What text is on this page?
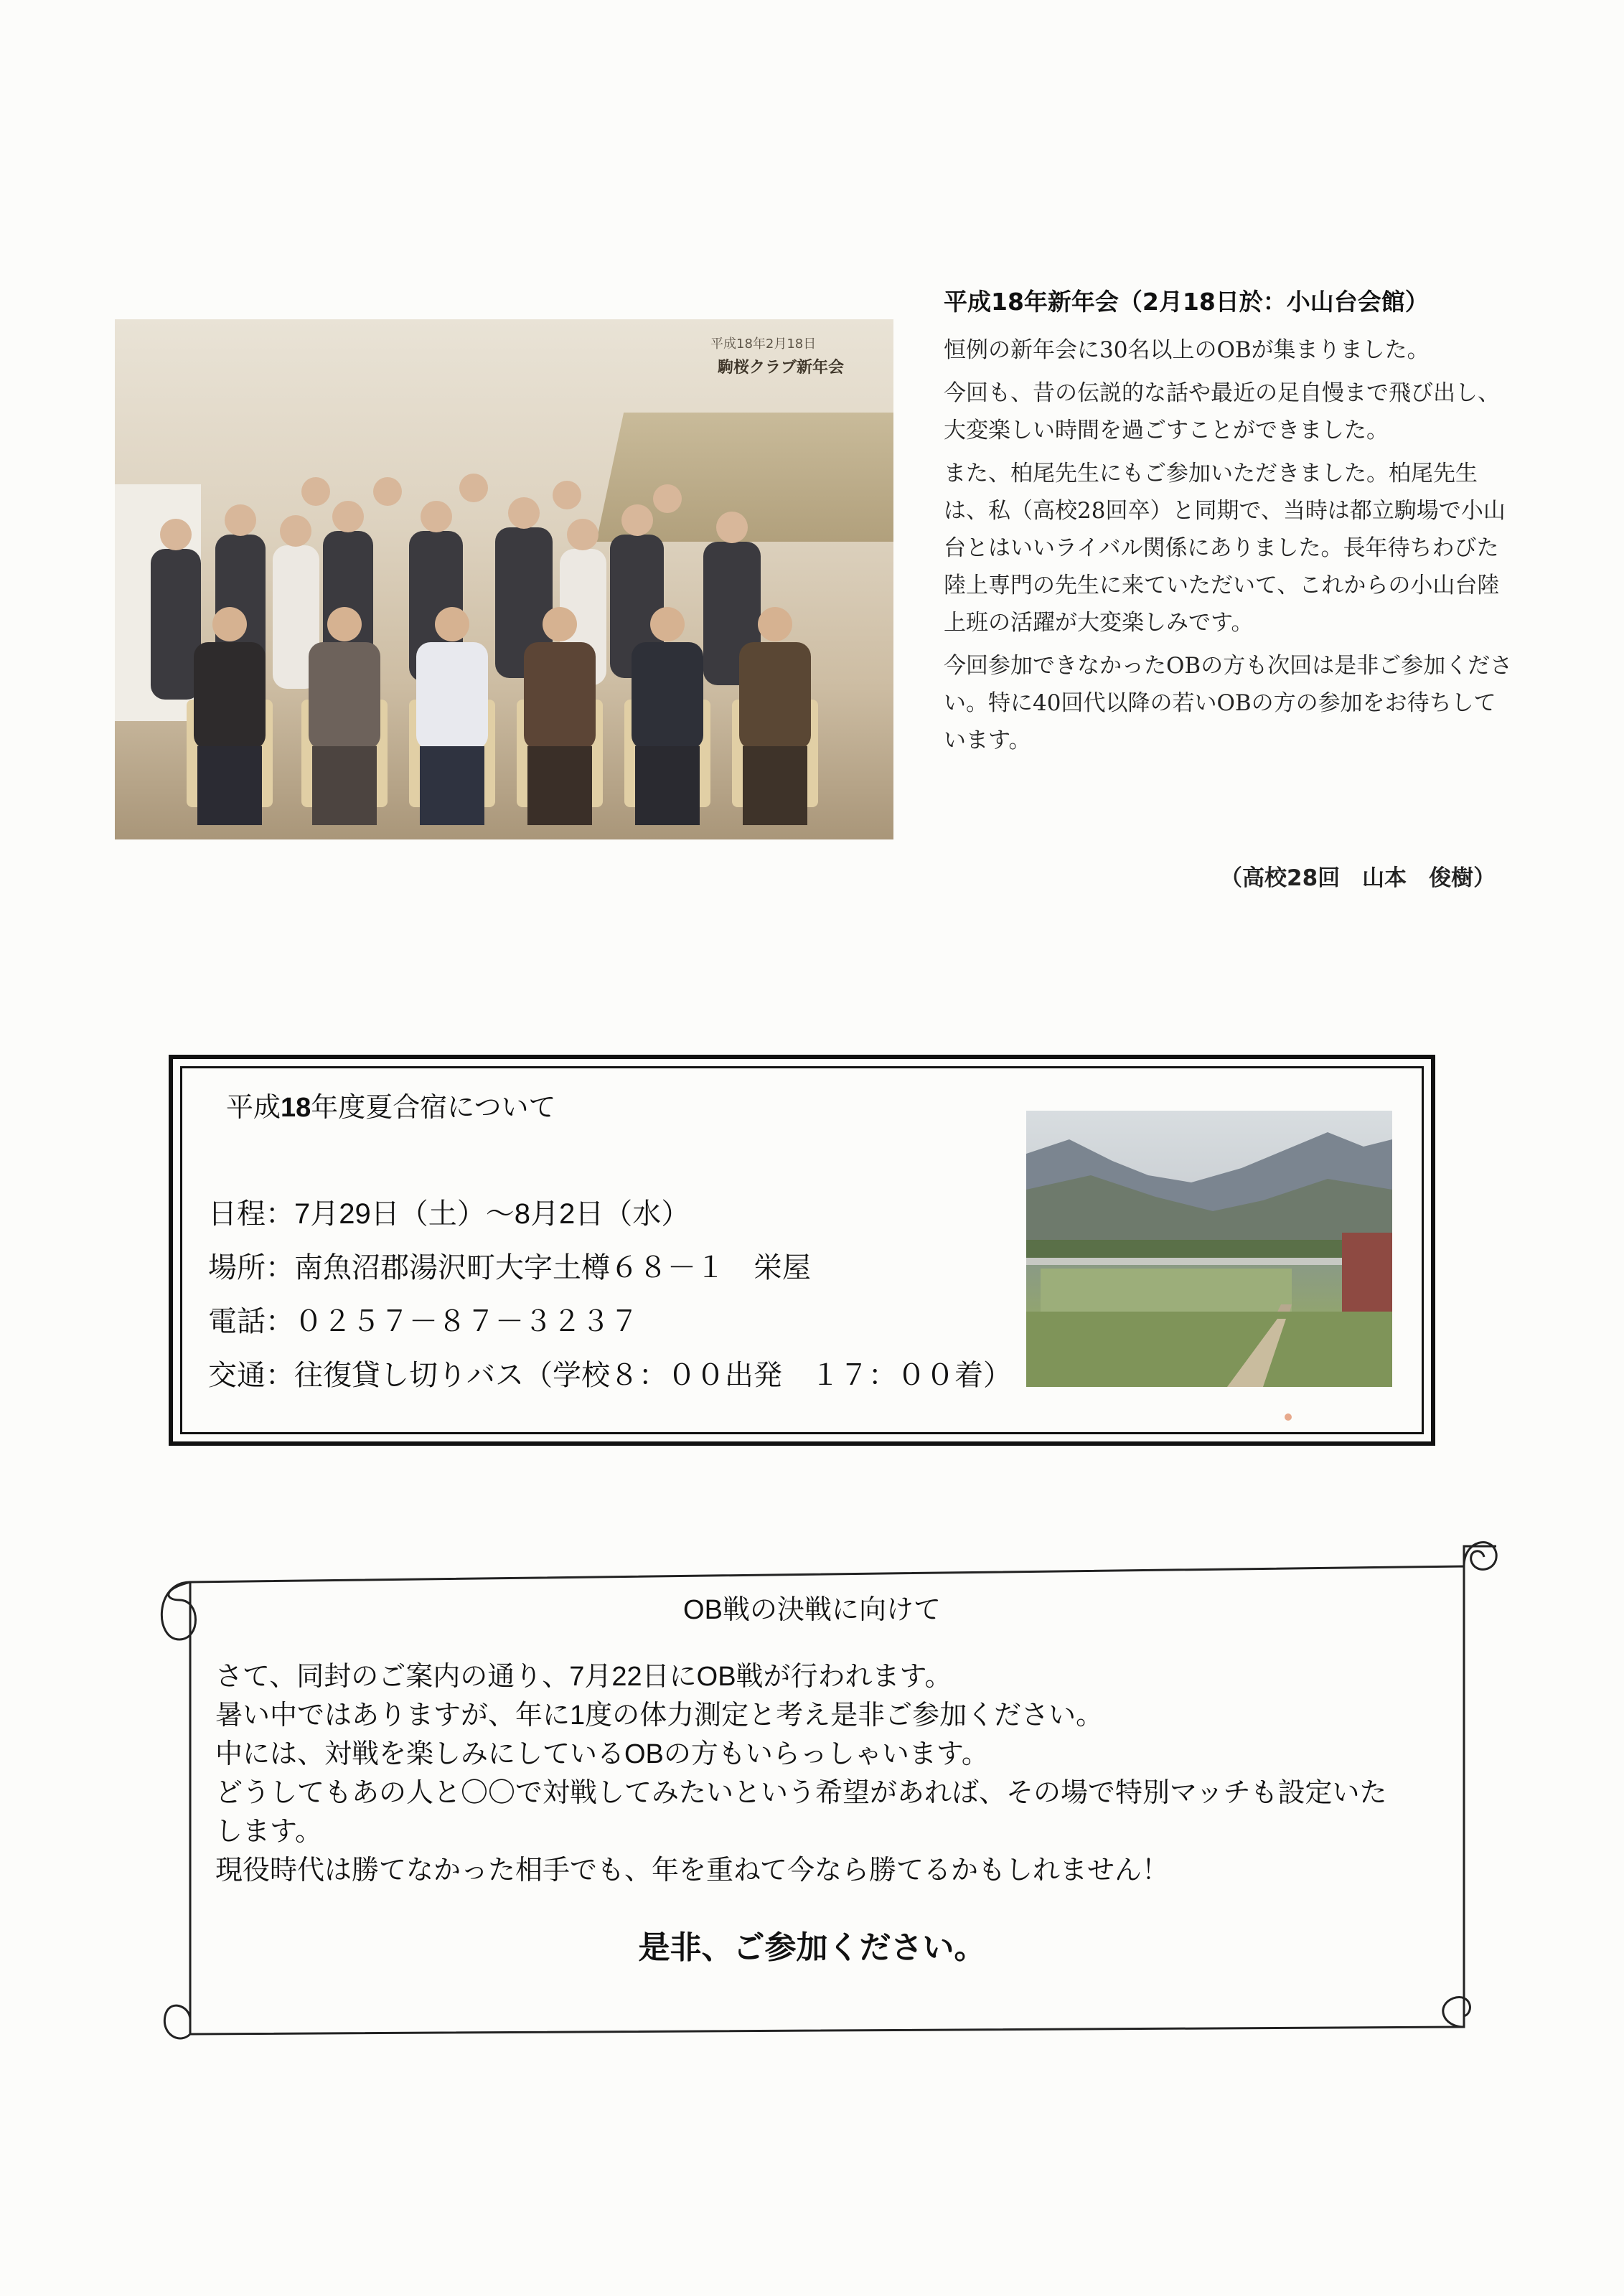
平成18年2月18日
駒桜クラブ新年会
平成18年新年会（2月18日於：小山台会館）

恒例の新年会に30名以上のOBが集まりました。

今回も、昔の伝説的な話や最近の足自慢まで飛び出し、大変楽しい時間を過ごすことができました。

また、柏尾先生にもご参加いただきました。柏尾先生は、私（高校28回卒）と同期で、当時は都立駒場で小山台とはいいライバル関係にありました。長年待ちわびた陸上専門の先生に来ていただいて、これからの小山台陸上班の活躍が大変楽しみです。

今回参加できなかったOBの方も次回は是非ご参加ください。特に40回代以降の若いOBの方の参加をお待ちしています。

（高校28回　山本　俊樹）
平成18年度夏合宿について
日程：7月29日（土）～8月2日（水）
場所：南魚沼郡湯沢町大字土樽６８－１　栄屋
電話：０２５７－８７－３２３７
交通：往復貸し切りバス（学校８：００出発　１７：００着）
OB戦の決戦に向けて

さて、同封のご案内の通り、7月22日にOB戦が行われます。

暑い中ではありますが、年に1度の体力測定と考え是非ご参加ください。

中には、対戦を楽しみにしているOBの方もいらっしゃいます。

どうしてもあの人と〇〇で対戦してみたいという希望があれば、その場で特別マッチも設定いたします。

現役時代は勝てなかった相手でも、年を重ねて今なら勝てるかもしれません！

是非、ご参加ください。
